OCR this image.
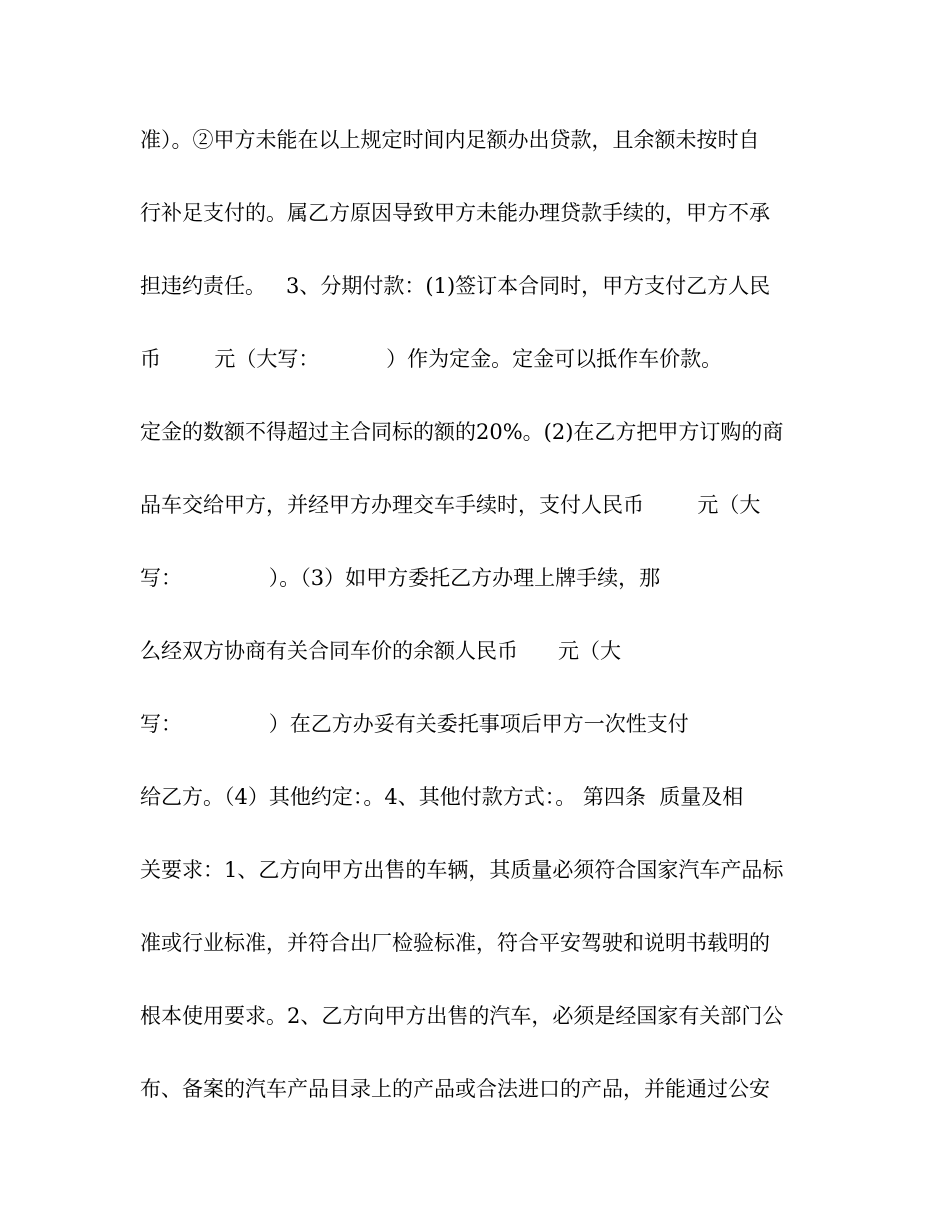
准）。②甲方未能在以上规定时间内足额办出贷款，且余额未按时自
行补足支付的。属乙方原因导致甲方未能办理贷款手续的，甲方不承
担违约责任。   3、分期付款：(1)签订本合同时，甲方支付乙方人民
币        元（大写：          ）作为定金。定金可以抵作车价款。
定金的数额不得超过主合同标的额的20%。(2)在乙方把甲方订购的商
品车交给甲方，并经甲方办理交车手续时，支付人民币        元（大
写：             ）。（3）如甲方委托乙方办理上牌手续，那
么经双方协商有关合同车价的余额人民币      元（大
写：             ）在乙方办妥有关委托事项后甲方一次性支付
给乙方。（4）其他约定：。4、其他付款方式：。 第四条  质量及相
关要求：1、乙方向甲方出售的车辆，其质量必须符合国家汽车产品标
准或行业标准，并符合出厂检验标准，符合平安驾驶和说明书载明的
根本使用要求。2、乙方向甲方出售的汽车，必须是经国家有关部门公
布、备案的汽车产品目录上的产品或合法进口的产品，并能通过公安
